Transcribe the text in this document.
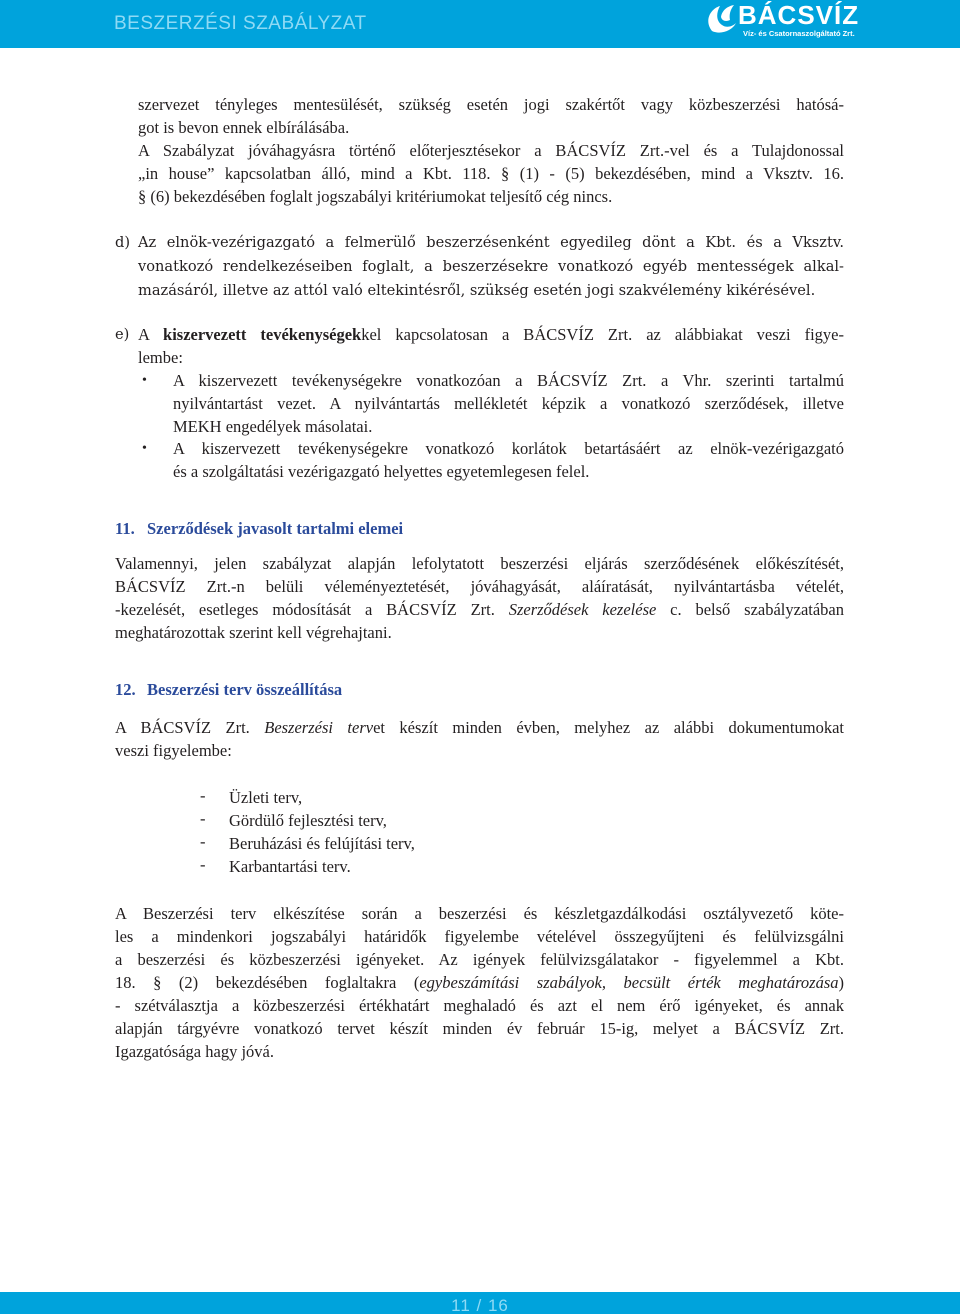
BESZERZÉSI SZABÁLYZAT	BÁCSVÍZ
Víz- és Csatornaszolgáltató Zrt.
szervezet tényleges mentesülését, szükség esetén jogi szakértőt vagy közbeszerzési hatósá-
got is bevon ennek elbírálásába.
A Szabályzat jóváhagyásra történő előterjesztésekor a BÁCSVÍZ Zrt.-vel és a Tulajdonossal
„in house” kapcsolatban álló, mind a Kbt. 118. § (1) - (5) bekezdésében, mind a Vksztv. 16.
§ (6) bekezdésében foglalt jogszabályi kritériumokat teljesítő cég nincs.
d) Az elnök-vezérigazgató a felmerülő beszerzésenként egyedileg dönt a Kbt. és a Vksztv.
vonatkozó rendelkezéseiben foglalt, a beszerzésekre vonatkozó egyéb mentességek alkal-
mazásáról, illetve az attól való eltekintésről, szükség esetén jogi szakvélemény kikérésével.
e) A kiszervezett tevékenységekkel kapcsolatosan a BÁCSVÍZ Zrt. az alábbiakat veszi figye-
lembe:
• A kiszervezett tevékenységekre vonatkozóan a BÁCSVÍZ Zrt. a Vhr. szerinti tartalmú
nyilvántartást vezet. A nyilvántartás mellékletét képzik a vonatkozó szerződések, illetve
MEKH engedélyek másolatai.
• A kiszervezett tevékenységekre vonatkozó korlátok betartásáért az elnök-vezérigazgató
és a szolgáltatási vezérigazgató helyettes egyetemlegesen felel.
11. Szerződések javasolt tartalmi elemei
Valamennyi, jelen szabályzat alapján lefolytatott beszerzési eljárás szerződésének előkészítését,
BÁCSVÍZ Zrt.-n belüli véleményeztetését, jóváhagyását, aláíratását, nyilvántartásba vételét,
-kezelését, esetleges módosítását a BÁCSVÍZ Zrt. Szerződések kezelése c. belső szabályzatában
meghatározottak szerint kell végrehajtani.
12. Beszerzési terv összeállítása
A BÁCSVÍZ Zrt. Beszerzési tervet készít minden évben, melyhez az alábbi dokumentumokat
veszi figyelembe:
- Üzleti terv,
- Gördülő fejlesztési terv,
- Beruházási és felújítási terv,
- Karbantartási terv.
A Beszerzési terv elkészítése során a beszerzési és készletgazdálkodási osztályvezető köte-
les a mindenkori jogszabályi határidők figyelembe vételével összegyűjteni és felülvizsgálni
a beszerzési és közbeszerzési igényeket. Az igények felülvizsgálatakor - figyelemmel a Kbt.
18. § (2) bekezdésében foglaltakra (egybeszámítási szabályok, becsült érték meghatározása)
- szétválasztja a közbeszerzési értékhatárt meghaladó és azt el nem érő igényeket, és annak
alapján tárgyévre vonatkozó tervet készít minden év február 15-ig, melyet a BÁCSVÍZ Zrt.
Igazgatósága hagy jóvá.
11 / 16
